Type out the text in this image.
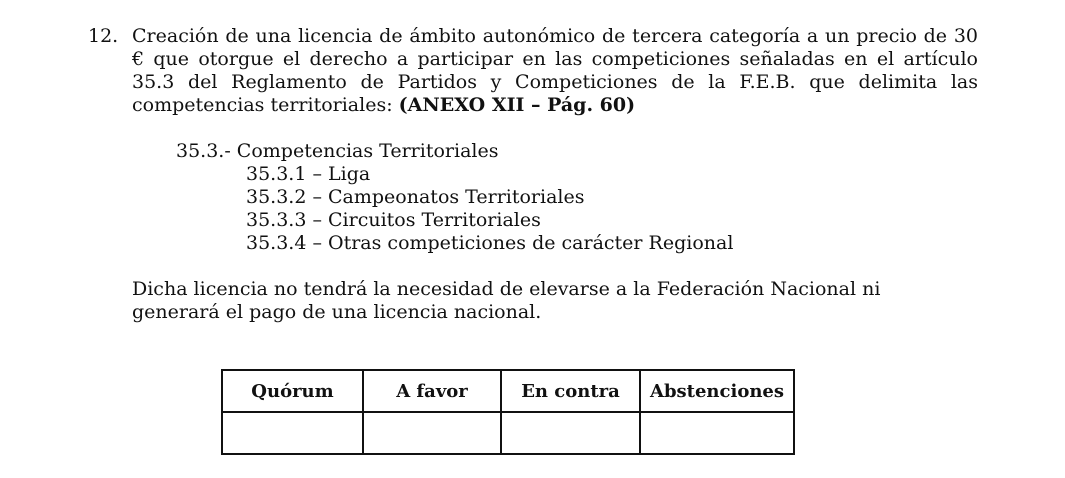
12. Creación de una licencia de ámbito autonómico de tercera categoría a un precio de 30 € que otorgue el derecho a participar en las competiciones señaladas en el artículo 35.3 del Reglamento de Partidos y Competiciones de la F.E.B. que delimita las competencias territoriales: (ANEXO XII – Pág. 60)

35.3.- Competencias Territoriales

35.3.1 – Liga
35.3.2 – Campeonatos Territoriales
35.3.3 – Circuitos Territoriales
35.3.4 – Otras competiciones de carácter Regional

Dicha licencia no tendrá la necesidad de elevarse a la Federación Nacional ni generará el pago de una licencia nacional.

Quórum	A favor	En contra	Abstenciones
